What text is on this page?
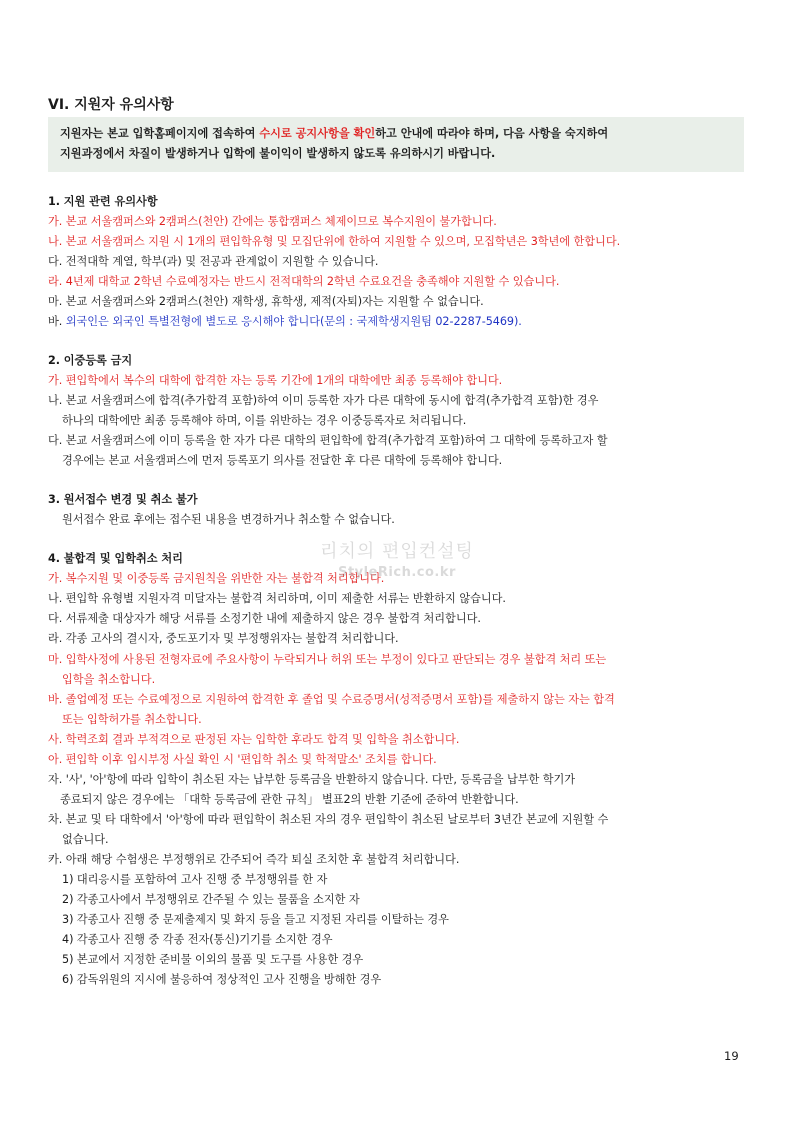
VI. 지원자 유의사항
지원자는 본교 입학홈페이지에 접속하여 수시로 공지사항을 확인하고 안내에 따라야 하며, 다음 사항을 숙지하여
지원과정에서 차질이 발생하거나 입학에 불이익이 발생하지 않도록 유의하시기 바랍니다.
1. 지원 관련 유의사항
가. 본교 서울캠퍼스와 2캠퍼스(천안) 간에는 통합캠퍼스 체제이므로 복수지원이 불가합니다.
나. 본교 서울캠퍼스 지원 시 1개의 편입학유형 및 모집단위에 한하여 지원할 수 있으며, 모집학년은 3학년에 한합니다.
다. 전적대학 계열, 학부(과) 및 전공과 관계없이 지원할 수 있습니다.
라. 4년제 대학교 2학년 수료예정자는 반드시 전적대학의 2학년 수료요건을 충족해야 지원할 수 있습니다.
마. 본교 서울캠퍼스와 2캠퍼스(천안) 재학생, 휴학생, 제적(자퇴)자는 지원할 수 없습니다.
바. 외국인은 외국인 특별전형에 별도로 응시해야 합니다(문의 : 국제학생지원팀 02-2287-5469).
2. 이중등록 금지
가. 편입학에서 복수의 대학에 합격한 자는 등록 기간에 1개의 대학에만 최종 등록해야 합니다.
나. 본교 서울캠퍼스에 합격(추가합격 포함)하여 이미 등록한 자가 다른 대학에 동시에 합격(추가합격 포함)한 경우
하나의 대학에만 최종 등록해야 하며, 이를 위반하는 경우 이중등록자로 처리됩니다.
다. 본교 서울캠퍼스에 이미 등록을 한 자가 다른 대학의 편입학에 합격(추가합격 포함)하여 그 대학에 등록하고자 할
경우에는 본교 서울캠퍼스에 먼저 등록포기 의사를 전달한 후 다른 대학에 등록해야 합니다.
3. 원서접수 변경 및 취소 불가
원서접수 완료 후에는 접수된 내용을 변경하거나 취소할 수 없습니다.
4. 불합격 및 입학취소 처리
가. 복수지원 및 이중등록 금지원칙을 위반한 자는 불합격 처리합니다.
나. 편입학 유형별 지원자격 미달자는 불합격 처리하며, 이미 제출한 서류는 반환하지 않습니다.
다. 서류제출 대상자가 해당 서류를 소정기한 내에 제출하지 않은 경우 불합격 처리합니다.
라. 각종 고사의 결시자, 중도포기자 및 부정행위자는 불합격 처리합니다.
마. 입학사정에 사용된 전형자료에 주요사항이 누락되거나 허위 또는 부정이 있다고 판단되는 경우 불합격 처리 또는
입학을 취소합니다.
바. 졸업예정 또는 수료예정으로 지원하여 합격한 후 졸업 및 수료증명서(성적증명서 포함)를 제출하지 않는 자는 합격
또는 입학허가를 취소합니다.
사. 학력조회 결과 부적격으로 판정된 자는 입학한 후라도 합격 및 입학을 취소합니다.
아. 편입학 이후 입시부정 사실 확인 시 '편입학 취소 및 학적말소' 조치를 합니다.
자. '사', '아'항에 따라 입학이 취소된 자는 납부한 등록금을 반환하지 않습니다. 다만, 등록금을 납부한 학기가
종료되지 않은 경우에는 「대학 등록금에 관한 규칙」 별표2의 반환 기준에 준하여 반환합니다.
차. 본교 및 타 대학에서 '아'항에 따라 편입학이 취소된 자의 경우 편입학이 취소된 날로부터 3년간 본교에 지원할 수
없습니다.
카. 아래 해당 수험생은 부정행위로 간주되어 즉각 퇴실 조치한 후 불합격 처리합니다.
1) 대리응시를 포함하여 고사 진행 중 부정행위를 한 자
2) 각종고사에서 부정행위로 간주될 수 있는 물품을 소지한 자
3) 각종고사 진행 중 문제출제지 및 화지 등을 들고 지정된 자리를 이탈하는 경우
4) 각종고사 진행 중 각종 전자(통신)기기를 소지한 경우
5) 본교에서 지정한 준비물 이외의 물품 및 도구를 사용한 경우
6) 감독위원의 지시에 불응하여 정상적인 고사 진행을 방해한 경우
리치의 편입컨설팅
StyleRich.co.kr
19
